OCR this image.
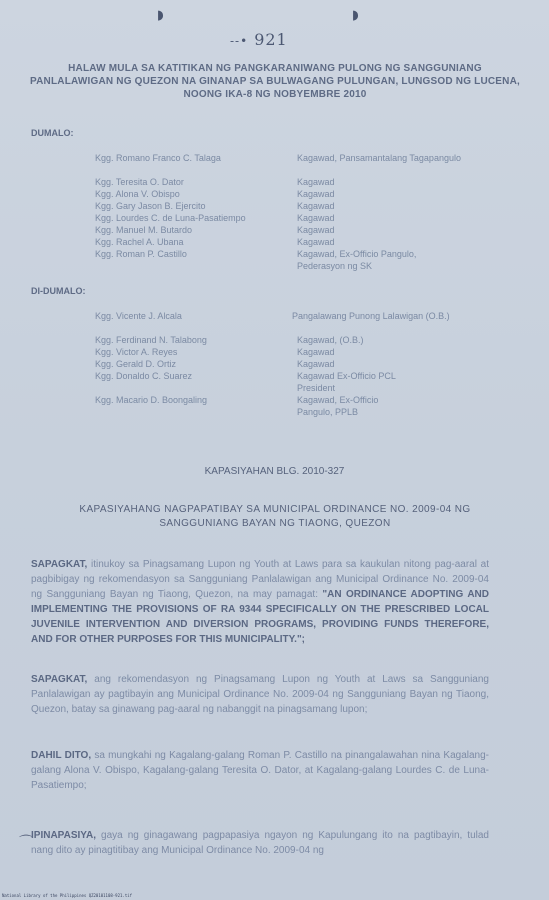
◗	◗
--• 921
HALAW MULA SA KATITIKAN NG PANGKARANIWANG PULONG NG SANGGUNIANG PANLALAWIGAN NG QUEZON NA GINANAP SA BULWAGANG PULUNGAN, LUNGSOD NG LUCENA, NOONG IKA-8 NG NOBYEMBRE 2010
DUMALO:
Kgg. Romano Franco C. Talaga	Kagawad, Pansamantalang Tagapangulo
Kgg. Teresita O. Dator	Kagawad
Kgg. Alona V. Obispo	Kagawad
Kgg. Gary Jason B. Ejercito	Kagawad
Kgg. Lourdes C. de Luna-Pasatiempo	Kagawad
Kgg. Manuel M. Butardo	Kagawad
Kgg. Rachel A. Ubana	Kagawad
Kgg. Roman P. Castillo	Kagawad, Ex-Officio Pangulo, Pederasyon ng SK
DI-DUMALO:
Kgg. Vicente J. Alcala	Pangalawang Punong Lalawigan (O.B.)
Kgg. Ferdinand N. Talabong	Kagawad, (O.B.)
Kgg. Victor A. Reyes	Kagawad
Kgg. Gerald D. Ortiz	Kagawad
Kgg. Donaldo C. Suarez	Kagawad Ex-Officio PCL President
Kgg. Macario D. Boongaling	Kagawad, Ex-Officio Pangulo, PPLB
KAPASIYAHAN BLG. 2010-327
KAPASIYAHANG NAGPAPATIBAY SA MUNICIPAL ORDINANCE NO. 2009-04 NG SANGGUNIANG BAYAN NG TIAONG, QUEZON
SAPAGKAT, itinukoy sa Pinagsamang Lupon ng Youth at Laws para sa kaukulan nitong pag-aaral at pagbibigay ng rekomendasyon sa Sangguniang Panlalawigan ang Municipal Ordinance No. 2009-04 ng Sangguniang Bayan ng Tiaong, Quezon, na may pamagat: "AN ORDINANCE ADOPTING AND IMPLEMENTING THE PROVISIONS OF RA 9344 SPECIFICALLY ON THE PRESCRIBED LOCAL JUVENILE INTERVENTION AND DIVERSION PROGRAMS, PROVIDING FUNDS THEREFORE, AND FOR OTHER PURPOSES FOR THIS MUNICIPALITY.";
SAPAGKAT, ang rekomendasyon ng Pinagsamang Lupon ng Youth at Laws sa Sangguniang Panlalawigan ay pagtibayin ang Municipal Ordinance No. 2009-04 ng Sangguniang Bayan ng Tiaong, Quezon, batay sa ginawang pag-aaral ng nabanggit na pinagsamang lupon;
DAHIL DITO, sa mungkahi ng Kagalang-galang Roman P. Castillo na pinangalawahan nina Kagalang-galang Alona V. Obispo, Kagalang-galang Teresita O. Dator, at Kagalang-galang Lourdes C. de Luna-Pasatiempo;
⌒
IPINAPASIYA, gaya ng ginagawang pagpapasiya ngayon ng Kapulungang ito na pagtibayin, tulad nang dito ay pinagtitibay ang Municipal Ordinance No. 2009-04 ng
National Library of the Philippines QZ20101108-921.tif
